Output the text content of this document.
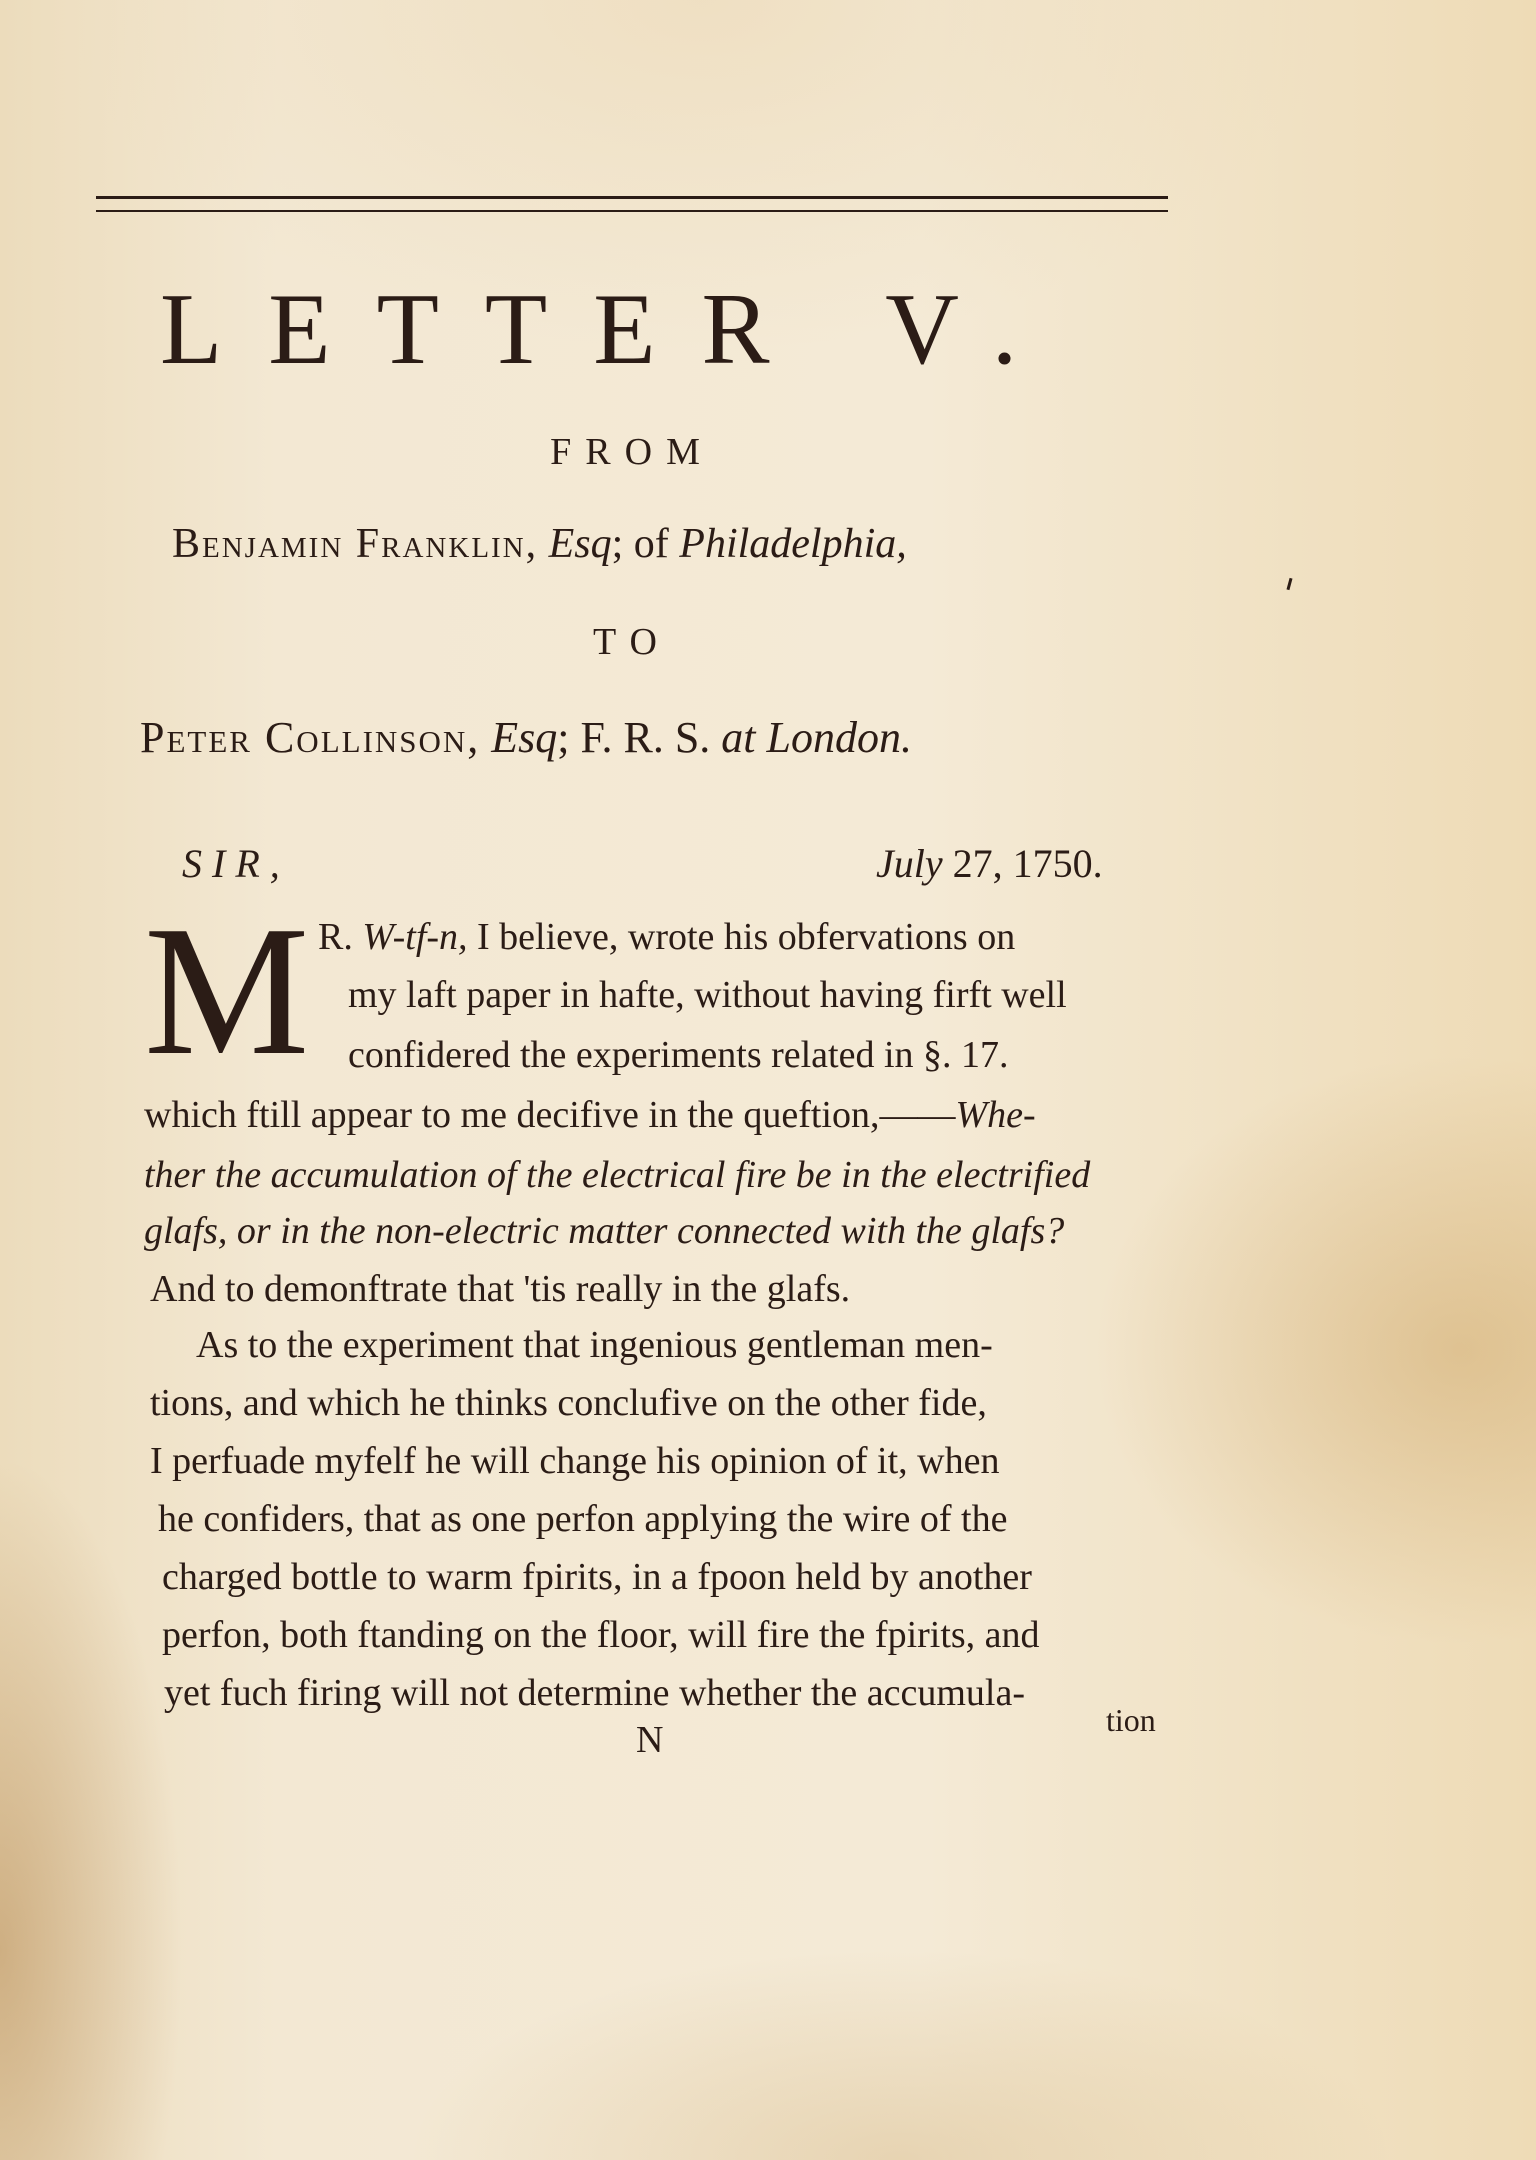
LETTER V.
FROM
Benjamin Franklin, Esq; of Philadelphia,
TO
Peter Collinson, Esq; F. R. S. at London.
SIR,	July 27, 1750.
M R. W-tf-n, I believe, wrote his obfervations on
my laft paper in hafte, without having firft well
confidered the experiments related in §. 17.
which ftill appear to me decifive in the queftion,——Whe-
ther the accumulation of the electrical fire be in the electrified
glafs, or in the non-electric matter connected with the glafs?
And to demonftrate that 'tis really in the glafs.
As to the experiment that ingenious gentleman men-
tions, and which he thinks conclufive on the other fide,
I perfuade myfelf he will change his opinion of it, when
he confiders, that as one perfon applying the wire of the
charged bottle to warm fpirits, in a fpoon held by another
perfon, both ftanding on the floor, will fire the fpirits, and
yet fuch firing will not determine whether the accumula-
N	tion
